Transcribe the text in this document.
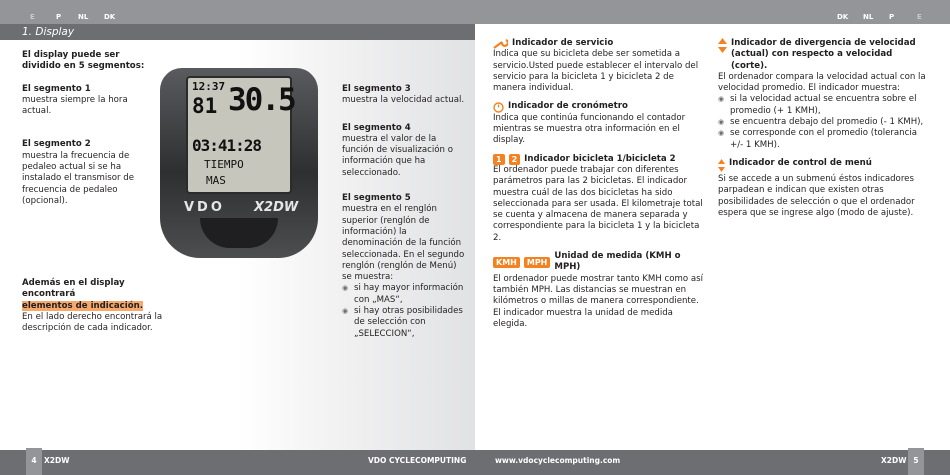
E	P NL DK	DK NL P	E
1. Display

El display puede ser dividido en 5 segmentos:

El segmento 1

muestra siempre la hora actual.

El segmento 2

muestra la frecuencia de pedaleo actual si se ha instalado el transmisor de frecuencia de pedaleo (opcional).

Además en el display encontrará

elementos de indicación.

En el lado derecho encontrará la descripción de cada indicador.

12:37
81 30.5
03:41:28
TIEMPO
MAS
VDO X2DW

El segmento 3

muestra la velocidad actual.

El segmento 4

muestra el valor de la función de visualización o información que ha seleccionado.

El segmento 5

muestra en el renglón superior (renglón de información) la denominación de la función seleccionada. En el segundo renglón (renglón de Menú) se muestra:

◉ si hay mayor información con „MAS“,

◉ si hay otras posibilidades de selección con „SELECCION“,

Indicador de servicio

Indica que su bicicleta debe ser sometida a servicio.Usted puede establecer el intervalo del servicio para la bicicleta 1 y bicicleta 2 de manera individual.

Indicador de cronómetro

Indica que continúa funcionando el contador mientras se muestra otra información en el display.

1	2 Indicador bicicleta 1/bicicleta 2

El ordenador puede trabajar con diferentes parámetros para las 2 bicicletas. El indicador muestra cuál de las dos bicicletas ha sido seleccionada para ser usada. El kilometraje total se cuenta y almacena de manera separada y correspondiente para la bicicleta 1 y la bicicleta 2.

KMH	MPH
Unidad de medida (KMH o MPH)

El ordenador puede mostrar tanto KMH como así también MPH. Las distancias se muestran en kilómetros o millas de manera correspondiente. El indicador muestra la unidad de medida elegida.

Indicador de divergencia de velocidad (actual) con respecto a velocidad (corte).

El ordenador compara la velocidad actual con la velocidad promedio. El indicador muestra:

◉ si la velocidad actual se encuentra sobre el promedio (+ 1 KMH),

◉ se encuentra debajo del promedio (- 1 KMH),

◉ se corresponde con el promedio (tolerancia +/- 1 KMH).

Indicador de control de menú

Si se accede a un submenú éstos indicadores parpadean e indican que existen otras posibilidades de selección o que el ordenador espera que se ingrese algo (modo de ajuste).

X2DW	VDO CYCLECOMPUTING	www.vdocyclecomputing.com	X2DW
4	5
